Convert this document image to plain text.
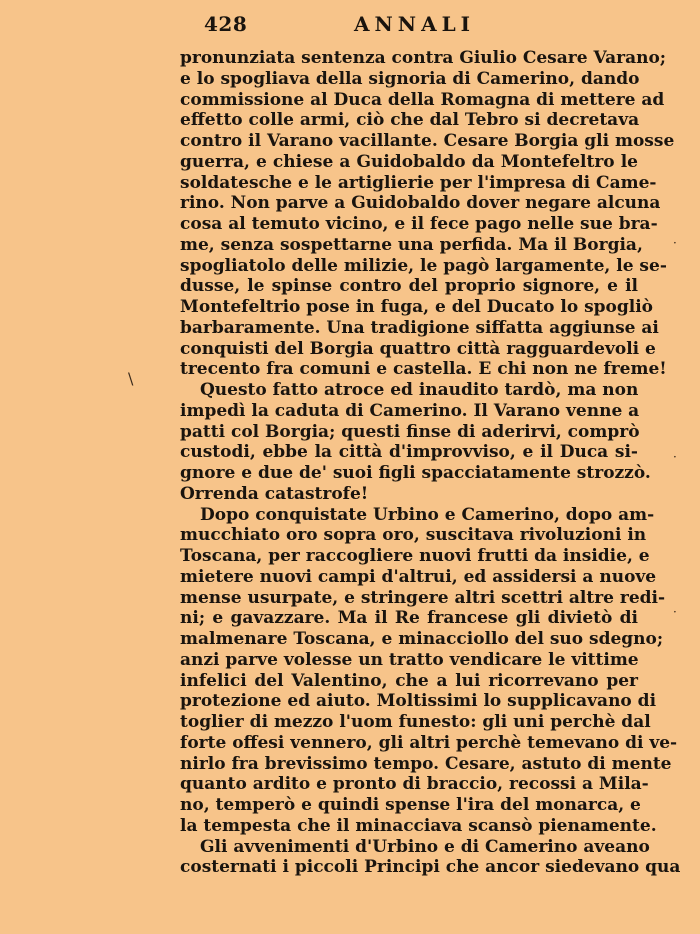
428	ANNALI
\
·
·
·
pronunziata sentenza contra Giulio Cesare Varano;
e lo spogliava della signoria di Camerino, dando
commissione al Duca della Romagna di mettere ad
effetto colle armi, ciò che dal Tebro si decretava
contro il Varano vacillante. Cesare Borgia gli mosse
guerra, e chiese a Guidobaldo da Montefeltro le
soldatesche e le artiglierie per l'impresa di Came-
rino. Non parve a Guidobaldo dover negare alcuna
cosa al temuto vicino, e il fece pago nelle sue bra-
me, senza sospettarne una perfida. Ma il Borgia,
spogliatolo delle milizie, le pagò largamente, le se-
dusse, le spinse contro del proprio signore, e il
Montefeltrio pose in fuga, e del Ducato lo spogliò
barbaramente. Una tradigione siffatta aggiunse ai
conquisti del Borgia quattro città ragguardevoli e
trecento fra comuni e castella. E chi non ne freme!
Questo fatto atroce ed inaudito tardò, ma non
impedì la caduta di Camerino. Il Varano venne a
patti col Borgia; questi finse di aderirvi, comprò
custodi, ebbe la città d'improvviso, e il Duca si-
gnore e due de' suoi figli spacciatamente strozzò.
Orrenda catastrofe!
Dopo conquistate Urbino e Camerino, dopo am-
mucchiato oro sopra oro, suscitava rivoluzioni in
Toscana, per raccogliere nuovi frutti da insidie, e
mietere nuovi campi d'altrui, ed assidersi a nuove
mense usurpate, e stringere altri scettri altre redi-
ni; e gavazzare. Ma il Re francese gli divietò di
malmenare Toscana, e minacciollo del suo sdegno;
anzi parve volesse un tratto vendicare le vittime
infelici del Valentino, che a lui ricorrevano per
protezione ed aiuto. Moltissimi lo supplicavano di
toglier di mezzo l'uom funesto: gli uni perchè dal
forte offesi vennero, gli altri perchè temevano di ve-
nirlo fra brevissimo tempo. Cesare, astuto di mente
quanto ardito e pronto di braccio, recossi a Mila-
no, temperò e quindi spense l'ira del monarca, e
la tempesta che il minacciava scansò pienamente.
Gli avvenimenti d'Urbino e di Camerino aveano
costernati i piccoli Principi che ancor siedevano qua
